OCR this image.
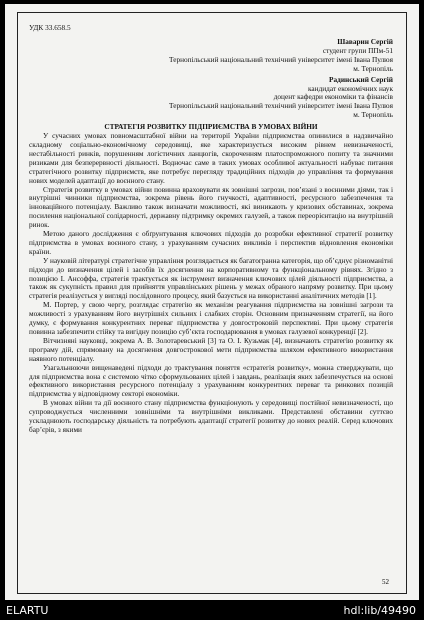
УДК 33.658.5
Шаварин Сергій
студент групи ППм-51
Тернопільський національний технічний університет імені Івана Пулюя
м. Тернопіль
Радинський Сергій
кандидат економічних наук
доцент кафедри економіки та фінансів
Тернопільський національний технічний університет імені Івана Пулюя
м. Тернопіль
СТРАТЕГІЯ РОЗВИТКУ ПІДПРИЄМСТВА В УМОВАХ ВІЙНИ

У сучасних умовах повномасштабної війни на території України підприємства опинилися в надзвичайно складному соціально-економічному середовищі, яке характеризується високим рівнем невизначеності, нестабільності ринків, порушенням логістичних ланцюгів, скороченням платоспроможного попиту та значними ризиками для безперервності діяльності. Водночас саме в таких умовах особливої актуальності набуває питання стратегічного розвитку підприємств, яке потребує перегляду традиційних підходів до управління та формування нових моделей адаптації до воєнного стану.

Стратегія розвитку в умовах війни повинна враховувати як зовнішні загрози, пов’язані з воєнними діями, так і внутрішні чинники підприємства, зокрема рівень його гнучкості, адаптивності, ресурсного забезпечення та інноваційного потенціалу. Важливо також визначати можливості, які виникають у кризових обставинах, зокрема посилення національної солідарності, державну підтримку окремих галузей, а також переорієнтацію на внутрішній ринок.

Метою даного дослідження є обґрунтування ключових підходів до розробки ефективної стратегії розвитку підприємства в умовах воєнного стану, з урахуванням сучасних викликів і перспектив відновлення економіки країни.

У науковій літературі стратегічне управління розглядається як багатогранна категорія, що об’єднує різноманітні підходи до визначення цілей і засобів їх досягнення на корпоративному та функціональному рівнях. Згідно з позицією І. Ансоффа, стратегія трактується як інструмент визначення ключових цілей діяльності підприємства, а також як сукупність правил для прийняття управлінських рішень у межах обраного напряму розвитку. При цьому стратегія реалізується у вигляді послідовного процесу, який базується на використанні аналітичних методів [1].

М. Портер, у свою чергу, розглядає стратегію як механізм реагування підприємства на зовнішні загрози та можливості з урахуванням його внутрішніх сильних і слабких сторін. Основним призначенням стратегії, на його думку, є формування конкурентних переваг підприємства у довгостроковій перспективі. При цьому стратегія повинна забезпечити стійку та вигідну позицію суб’єкта господарювання в умовах галузевої конкуренції [2].

Вітчизняні науковці, зокрема А. В. Золотаревський [3] та О. І. Кузьмак [4], визначають стратегію розвитку як програму дій, спрямовану на досягнення довгострокової мети підприємства шляхом ефективного використання наявного потенціалу.

Узагальнюючи вищенаведені підходи до трактування поняття «стратегія розвитку», можна стверджувати, що для підприємства вона є системою чітко сформульованих цілей і завдань, реалізація яких забезпечується на основі ефективного використання ресурсного потенціалу з урахуванням конкурентних переваг та ринкових позицій підприємства у відповідному секторі економіки.

В умовах війни та дії воєнного стану підприємства функціонують у середовищі постійної невизначеності, що супроводжується численними зовнішніми та внутрішніми викликами. Представлені обставини суттєво ускладнюють господарську діяльність та потребують адаптації стратегії розвитку до нових реалій. Серед ключових бар’єрів, з якими

52
ELARTU	hdl:lib/49490
